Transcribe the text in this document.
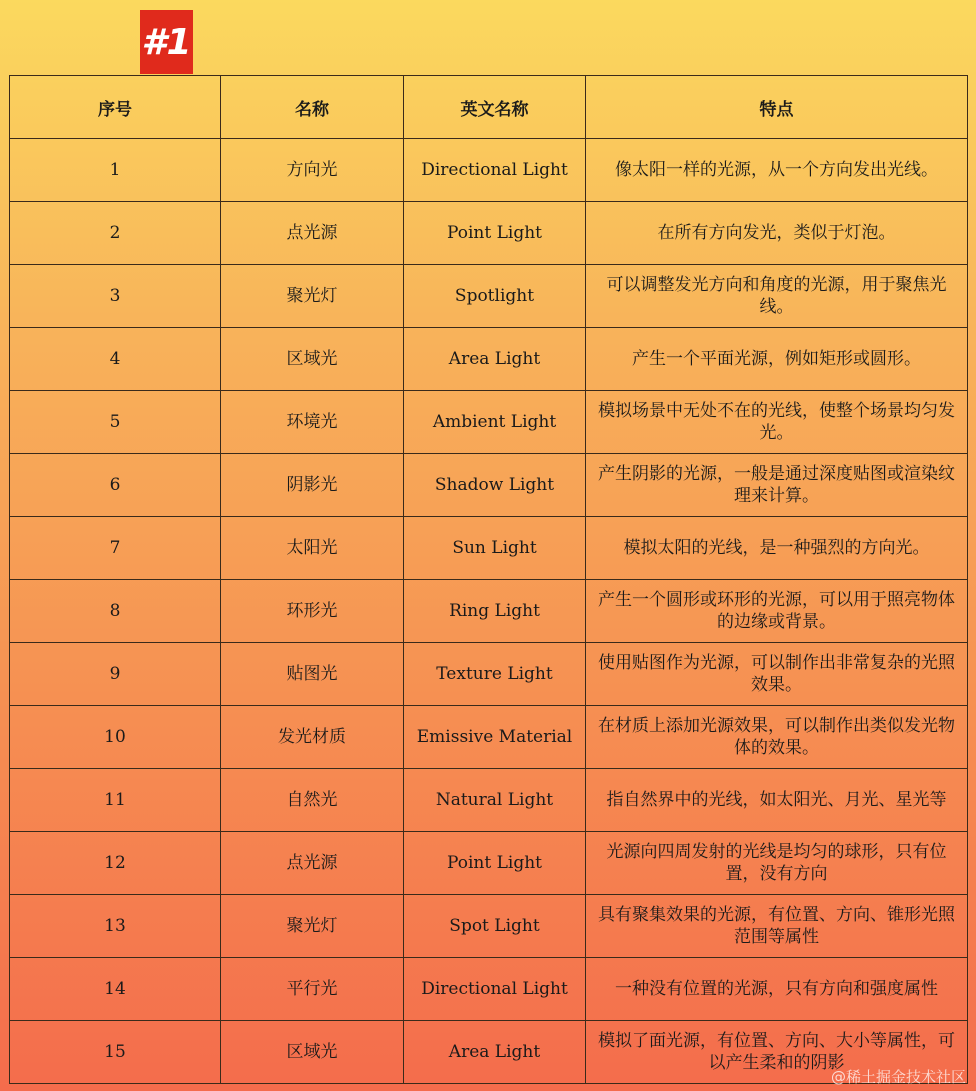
#1
序号	名称	英文名称	特点
1	方向光	Directional Light	像太阳一样的光源，从一个方向发出光线。
2	点光源	Point Light	在所有方向发光，类似于灯泡。
3	聚光灯	Spotlight	可以调整发光方向和角度的光源，用于聚焦光线。
4	区域光	Area Light	产生一个平面光源，例如矩形或圆形。
5	环境光	Ambient Light	模拟场景中无处不在的光线，使整个场景均匀发光。
6	阴影光	Shadow Light	产生阴影的光源，一般是通过深度贴图或渲染纹理来计算。
7	太阳光	Sun Light	模拟太阳的光线，是一种强烈的方向光。
8	环形光	Ring Light	产生一个圆形或环形的光源，可以用于照亮物体的边缘或背景。
9	贴图光	Texture Light	使用贴图作为光源，可以制作出非常复杂的光照效果。
10	发光材质	Emissive Material	在材质上添加光源效果，可以制作出类似发光物体的效果。
11	自然光	Natural Light	指自然界中的光线，如太阳光、月光、星光等
12	点光源	Point Light	光源向四周发射的光线是均匀的球形，只有位置，没有方向
13	聚光灯	Spot Light	具有聚集效果的光源，有位置、方向、锥形光照范围等属性
14	平行光	Directional Light	一种没有位置的光源，只有方向和强度属性
15	区域光	Area Light	模拟了面光源，有位置、方向、大小等属性，可以产生柔和的阴影
@稀土掘金技术社区
